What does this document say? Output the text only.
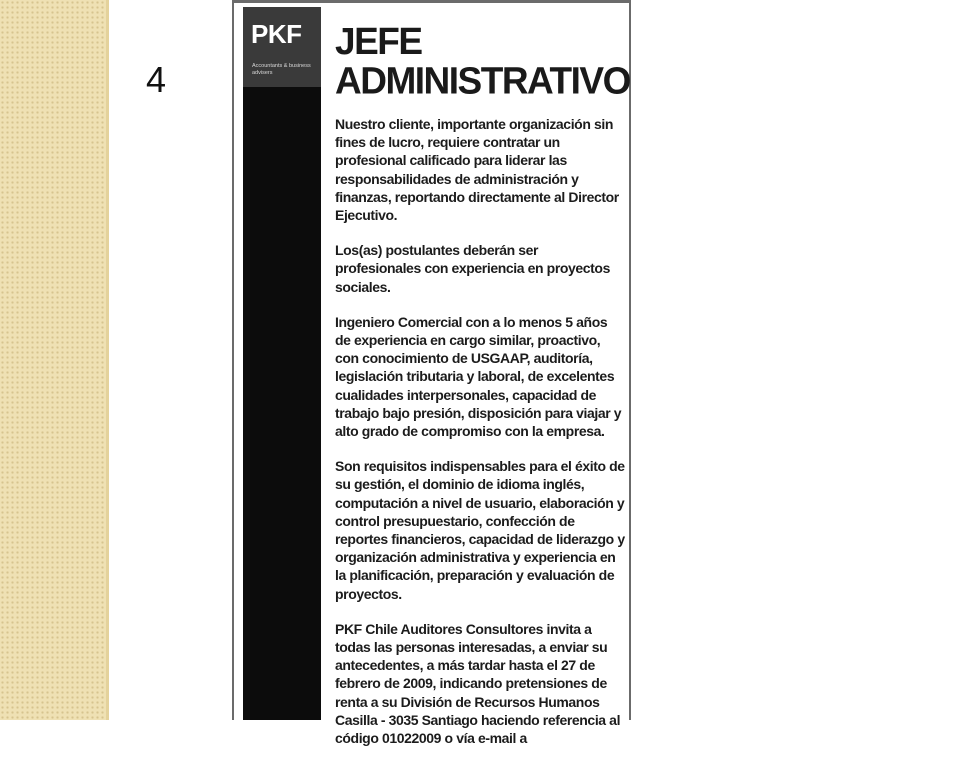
4
PKF
Accountants & business advisers
JEFE
ADMINISTRATIVO

Nuestro cliente, importante organización sin fines de lucro, requiere contratar un profesional calificado para liderar las responsabilidades de administración y finanzas, reportando directamente al Director Ejecutivo.

Los(as) postulantes deberán ser profesionales con experiencia en proyectos sociales.

Ingeniero Comercial con a lo menos 5 años de experiencia en cargo similar, proactivo, con conocimiento de USGAAP, auditoría, legislación tributaria y laboral, de excelentes cualidades interpersonales, capacidad de trabajo bajo presión, disposición para viajar y alto grado de compromiso con la empresa.

Son requisitos indispensables para el éxito de su gestión, el dominio de idioma inglés, computación a nivel de usuario, elaboración y control presupuestario, confección de reportes financieros, capacidad de liderazgo y organización administrativa y experiencia en la planificación, preparación y evaluación de proyectos.

PKF Chile Auditores Consultores invita a todas las personas interesadas, a enviar su antecedentes, a más tardar hasta el 27 de febrero de 2009, indicando pretensiones de renta a su División de Recursos Humanos Casilla - 3035 Santiago haciendo referencia al código 01022009 o vía e-mail a
